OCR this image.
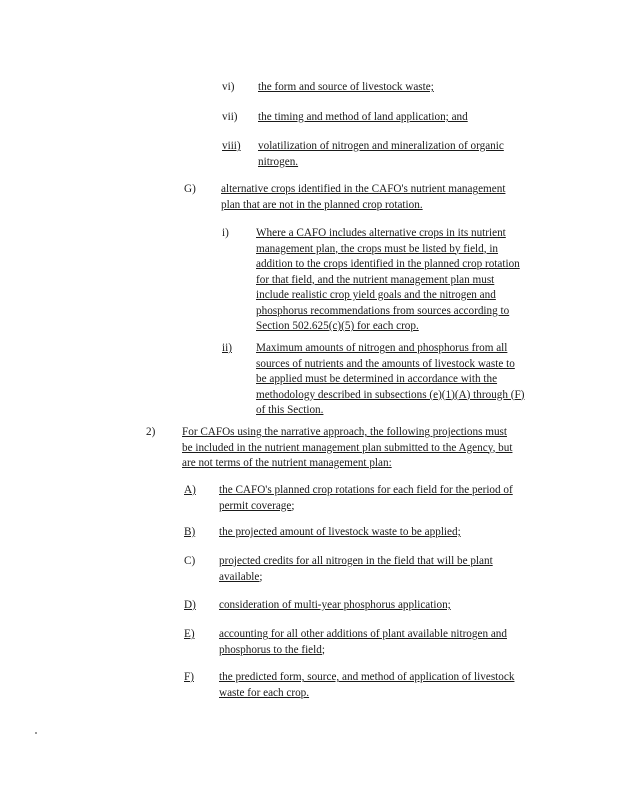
vi)	the form and source of livestock waste;
vii)	the timing and method of land application; and
viii)	volatilization of nitrogen and mineralization of organic
nitrogen.
G)	alternative crops identified in the CAFO's nutrient management
plan that are not in the planned crop rotation.
i)	Where a CAFO includes alternative crops in its nutrient
management plan, the crops must be listed by field, in
addition to the crops identified in the planned crop rotation
for that field, and the nutrient management plan must
include realistic crop yield goals and the nitrogen and
phosphorus recommendations from sources according to
Section 502.625(c)(5) for each crop.
ii)	Maximum amounts of nitrogen and phosphorus from all
sources of nutrients and the amounts of livestock waste to
be applied must be determined in accordance with the
methodology described in subsections (e)(1)(A) through (F)
of this Section.
2)	For CAFOs using the narrative approach, the following projections must
be included in the nutrient management plan submitted to the Agency, but
are not terms of the nutrient management plan:
A)	the CAFO's planned crop rotations for each field for the period of
permit coverage;
B)	the projected amount of livestock waste to be applied;
C)	projected credits for all nitrogen in the field that will be plant
available;
D)	consideration of multi-year phosphorus application;
E)	accounting for all other additions of plant available nitrogen and
phosphorus to the field;
F)	the predicted form, source, and method of application of livestock
waste for each crop.
